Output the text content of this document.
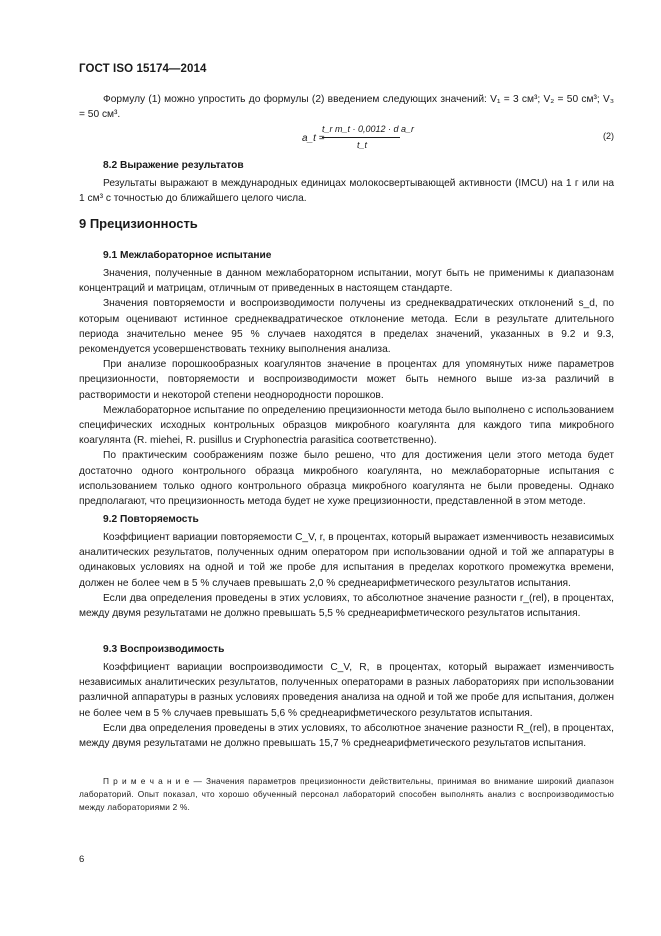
ГОСТ ISO 15174—2014

Формулу (1) можно упростить до формулы (2) введением следующих значений: V₁ = 3 см³; V₂ = 50 см³; V₃ = 50 см³.

a_t =
t_r m_t · 0,0012 · d a_r
t_t
(2)
8.2 Выражение результатов

Результаты выражают в международных единицах молокосвертывающей активности (IMCU) на 1 г или на 1 см³ с точностью до ближайшего целого числа.

9 Прецизионность
9.1 Межлабораторное испытание

Значения, полученные в данном межлабораторном испытании, могут быть не применимы к диапазонам концентраций и матрицам, отличным от приведенных в настоящем стандарте.

Значения повторяемости и воспроизводимости получены из среднеквадратических отклонений s_d, по которым оценивают истинное среднеквадратическое отклонение метода. Если в результате длительного периода значительно менее 95 % случаев находятся в пределах значений, указанных в 9.2 и 9.3, рекомендуется усовершенствовать технику выполнения анализа.

При анализе порошкообразных коагулянтов значение в процентах для упомянутых ниже параметров прецизионности, повторяемости и воспроизводимости может быть немного выше из-за различий в растворимости и некоторой степени неоднородности порошков.

Межлабораторное испытание по определению прецизионности метода было выполнено с использованием специфических исходных контрольных образцов микробного коагулянта для каждого типа микробного коагулянта (R. miehei, R. pusillus и Cryphonectria parasitica соответственно).

По практическим соображениям позже было решено, что для достижения цели этого метода будет достаточно одного контрольного образца микробного коагулянта, но межлабораторные испытания с использованием только одного контрольного образца микробного коагулянта не были проведены. Однако предполагают, что прецизионность метода будет не хуже прецизионности, представленной в этом методе.

9.2 Повторяемость

Коэффициент вариации повторяемости C_V, r, в процентах, который выражает изменчивость независимых аналитических результатов, полученных одним оператором при использовании одной и той же аппаратуры в одинаковых условиях на одной и той же пробе для испытания в пределах короткого промежутка времени, должен не более чем в 5 % случаев превышать 2,0 % среднеарифметического результатов испытания.

Если два определения проведены в этих условиях, то абсолютное значение разности r_(rel), в процентах, между двумя результатами не должно превышать 5,5 % среднеарифметического результатов испытания.

9.3 Воспроизводимость

Коэффициент вариации воспроизводимости C_V, R, в процентах, который выражает изменчивость независимых аналитических результатов, полученных операторами в разных лабораториях при использовании различной аппаратуры в разных условиях проведения анализа на одной и той же пробе для испытания, должен не более чем в 5 % случаев превышать 5,6 % среднеарифметического результатов испытания.

Если два определения проведены в этих условиях, то абсолютное значение разности R_(rel), в процентах, между двумя результатами не должно превышать 15,7 % среднеарифметического результатов испытания.

П р и м е ч а н и е — Значения параметров прецизионности действительны, принимая во внимание широкий диапазон лабораторий. Опыт показал, что хорошо обученный персонал лабораторий способен выполнять анализ с воспроизводимостью между лабораториями 2 %.

6
